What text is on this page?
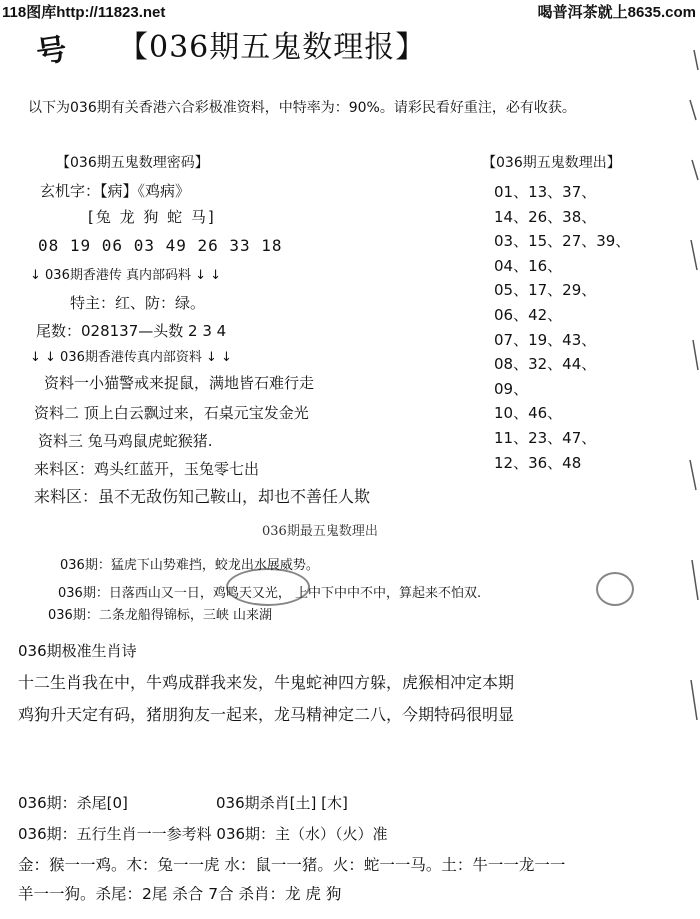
118图库http://11823.net	喝普洱茶就上8635.com
号 【036期五鬼数理报】
以下为036期有关香港六合彩极准资料，中特率为：90%。请彩民看好重注，必有收获。
【036期五鬼数理密码】
玄机字：【病】《鸡病》
[兔 龙 狗 蛇 马]
08 19 06 03 49 26 33 18
↓ 036期香港传 真内部码料 ↓ ↓
特主：红、防：绿。
尾数：028137—头数 2 3 4
↓ ↓ 036期香港传真内部资料 ↓ ↓
资料一小猫警戒来捉鼠，满地皆石难行走
资料二 顶上白云飘过来，石桌元宝发金光
资料三 兔马鸡鼠虎蛇猴猪.
来料区：鸡头红蓝开，玉兔零七出
来料区：虽不无敌伤知己鞍山，却也不善任人欺
【036期五鬼数理出】
01、13、37、
14、26、38、
03、15、27、39、
04、16、
05、17、29、
06、42、
07、19、43、
08、32、44、
09、
10、46、
11、23、47、
12、36、48
036期最五鬼数理出
036期：猛虎下山势难挡，蛟龙出水展威势。
036期：日落西山又一日，鸡鸣天又光， 上中下中中不中，算起来不怕双.
036期：二条龙船得锦标，三峡 山来湖
036期极准生肖诗
十二生肖我在中，牛鸡成群我来发，牛鬼蛇神四方躲，虎猴相冲定本期
鸡狗升天定有码，猪朋狗友一起来，龙马精神定二八，今期特码很明显
036期：杀尾[0]	036期杀肖[土] [木]
036期：五行生肖一一参考料 036期：主（水）（火）准
金：猴一一鸡。木：兔一一虎 水：鼠一一猪。火：蛇一一马。土：牛一一龙一一
羊一一狗。杀尾：2尾 杀合 7合 杀肖：龙 虎 狗
